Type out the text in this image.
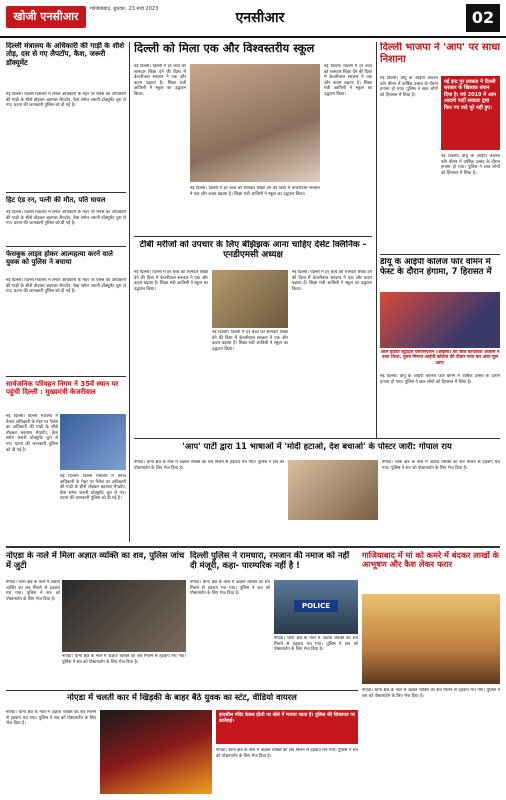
खोजी एनसीआर
गाजियाबाद, बुधवार, 23 मार्च 2023
एनसीआर	02
दिल्ली मंत्रालय के अधिकारी की गाड़ी के शीशे तोड़, दस से गए लैपटॉप, कैश, जरूरी डॉक्यूमेंट
नई दिल्ली। दिल्ली मंत्रालय में तैनात अधिकारी के मेहर पर पैलेस का अधिकारी की गाड़ी के शीशे तोड़कर बदमाश लैपटॉप, कैश समेत जरूरी डॉक्यूमेंट चुरा ले गए। घटना की जानकारी पुलिस को दी गई है।
हिट एंड रन, पत्नी की मौत, पति घायल
नई दिल्ली। दिल्ली मंत्रालय में तैनात अधिकारी के मेहर पर पैलेस का अधिकारी की गाड़ी के शीशे तोड़कर बदमाश लैपटॉप, कैश समेत जरूरी डॉक्यूमेंट चुरा ले गए। घटना की जानकारी पुलिस को दी गई है।
फेसबुक लाइव होकर आत्महत्या करने वाले युवक को पुलिस ने बचाया
नई दिल्ली। दिल्ली मंत्रालय में तैनात अधिकारी के मेहर पर पैलेस का अधिकारी की गाड़ी के शीशे तोड़कर बदमाश लैपटॉप, कैश समेत जरूरी डॉक्यूमेंट चुरा ले गए। घटना की जानकारी पुलिस को दी गई है।
सार्वजनिक परिवहन निगम ने 35वें स्थान पर पहुंची दिल्ली : मुख्यमंत्री केजरीवाल
नई दिल्ली। दिल्ली मंत्रालय में तैनात अधिकारी के मेहर पर पैलेस का अधिकारी की गाड़ी के शीशे तोड़कर बदमाश लैपटॉप, कैश समेत जरूरी डॉक्यूमेंट चुरा ले गए। घटना की जानकारी पुलिस को दी गई है।
नई दिल्ली। दिल्ली मंत्रालय में तैनात अधिकारी के मेहर पर पैलेस का अधिकारी की गाड़ी के शीशे तोड़कर बदमाश लैपटॉप, कैश समेत जरूरी डॉक्यूमेंट चुरा ले गए। घटना की जानकारी पुलिस को दी गई है।
दिल्ली को मिला एक और विश्वस्तरीय स्कूल
नई दिल्ली। दिल्ली में हर बच्चे को शानदार शिक्षा देने की दिशा में केजरीवाल सरकार ने एक और कदम बढ़ाया है। शिक्षा मंत्री आतिशी ने स्कूल का उद्घाटन किया।
नई दिल्ली। दिल्ली में हर बच्चे को शानदार शिक्षा देने की दिशा में केजरीवाल सरकार ने एक और कदम बढ़ाया है। शिक्षा मंत्री आतिशी ने स्कूल का उद्घाटन किया।
नई दिल्ली। दिल्ली में हर बच्चे को शानदार शिक्षा देने की दिशा में केजरीवाल सरकार ने एक और कदम बढ़ाया है। शिक्षा मंत्री आतिशी ने स्कूल का उद्घाटन किया।
टीबी मरीजों को उपचार के लिए बेझिझक आना चाहिए देसेट क्लिनिक - एनडीएमसी अध्यक्ष
नई दिल्ली। दिल्ली में हर बच्चे को शानदार शिक्षा देने की दिशा में केजरीवाल सरकार ने एक और कदम बढ़ाया है। शिक्षा मंत्री आतिशी ने स्कूल का उद्घाटन किया।
नई दिल्ली। दिल्ली में हर बच्चे को शानदार शिक्षा देने की दिशा में केजरीवाल सरकार ने एक और कदम बढ़ाया है। शिक्षा मंत्री आतिशी ने स्कूल का उद्घाटन किया।
नई दिल्ली। दिल्ली में हर बच्चे को शानदार शिक्षा देने की दिशा में केजरीवाल सरकार ने एक और कदम बढ़ाया है। शिक्षा मंत्री आतिशी ने स्कूल का उद्घाटन किया।
दिल्ली भाजपा ने 'आप' पर साधा निशाना
नई दिल्ली। डीयू के आईपी कॉलेज फॉर वीमन में वार्षिक उत्सव के दौरान हंगामा हो गया। पुलिस ने सात लोगों को हिरासत में लिया है।
नई इन्द्र पुर प्रवक्ता ने दिल्ली सरकार के खिलाफ़ बयान दिया है। वर्ष 2019 में आम आदमी पार्टी सरकार द्वारा किए गए वादे पूरे नहीं हुए।
नई दिल्ली। डीयू के आईपी कॉलेज फॉर वीमन में वार्षिक उत्सव के दौरान हंगामा हो गया। पुलिस ने सात लोगों को हिरासत में लिया है।
डीयू के आईपी कॉलेज फॉर वीमन में फेस्ट के दौरान हंगामा, 7 हिरासत में
ऑल इंडिया स्टूडेंट्स एसोसिएशन (आइसा) की छात्र कार्यकर्ता अंजलि ने दावा किया, पुरुष मिराज आईपी कॉलेज की दीवार फांद कर अंदर घुस आए।
नई दिल्ली। डीयू के आईपी कॉलेज फॉर वीमन में वार्षिक उत्सव के दौरान हंगामा हो गया। पुलिस ने सात लोगों को हिरासत में लिया है।
'आप' पार्टी द्वारा 11 भाषाओं में 'मोदी हटाओ, देश बचाओ' के पोस्टर जारी: गोपाल राय
नोएडा। थाना क्षेत्र के नाले में अज्ञात व्यक्ति का शव मिलने से हड़कंप मच गया। पुलिस ने शव को पोस्टमार्टम के लिए भेज दिया है।
नोएडा। थाना क्षेत्र के नाले में अज्ञात व्यक्ति का शव मिलने से हड़कंप मच गया। पुलिस ने शव को पोस्टमार्टम के लिए भेज दिया है।
नोएडा के नाले में मिला अज्ञात व्यक्ति का शव, पुलिस जांच में जुटी
नोएडा। थाना क्षेत्र के नाले में अज्ञात व्यक्ति का शव मिलने से हड़कंप मच गया। पुलिस ने शव को पोस्टमार्टम के लिए भेज दिया है।
नोएडा। थाना क्षेत्र के नाले में अज्ञात व्यक्ति का शव मिलने से हड़कंप मच गया। पुलिस ने शव को पोस्टमार्टम के लिए भेज दिया है।
दिल्ली पुलिस ने रामधारा, रमजान की नमाज को नहीं दी मंजूरी, कहा- पारम्परिक नहीं है !
नोएडा। थाना क्षेत्र के नाले में अज्ञात व्यक्ति का शव मिलने से हड़कंप मच गया। पुलिस ने शव को पोस्टमार्टम के लिए भेज दिया है।
POLICE
नोएडा। थाना क्षेत्र के नाले में अज्ञात व्यक्ति का शव मिलने से हड़कंप मच गया। पुलिस ने शव को पोस्टमार्टम के लिए भेज दिया है।
गाजियाबाद में मां को कमरे में बंदकर लाखों के आभूषण और कैश लेकर फरार
नोएडा। थाना क्षेत्र के नाले में अज्ञात व्यक्ति का शव मिलने से हड़कंप मच गया। पुलिस ने शव को पोस्टमार्टम के लिए भेज दिया है।
नोएडा में चलती कार में खिड़की के बाहर बैठे युवक का स्टंट, वीडियो वायरल
नोएडा। थाना क्षेत्र के नाले में अज्ञात व्यक्ति का शव मिलने से हड़कंप मच गया। पुलिस ने शव को पोस्टमार्टम के लिए भेज दिया है।
हादसील मंदिर केवल होली पर खेले में मनाया जाता है। पुलिस की शिकायत पर कार्रवाई।
नोएडा। थाना क्षेत्र के नाले में अज्ञात व्यक्ति का शव मिलने से हड़कंप मच गया। पुलिस ने शव को पोस्टमार्टम के लिए भेज दिया है।
